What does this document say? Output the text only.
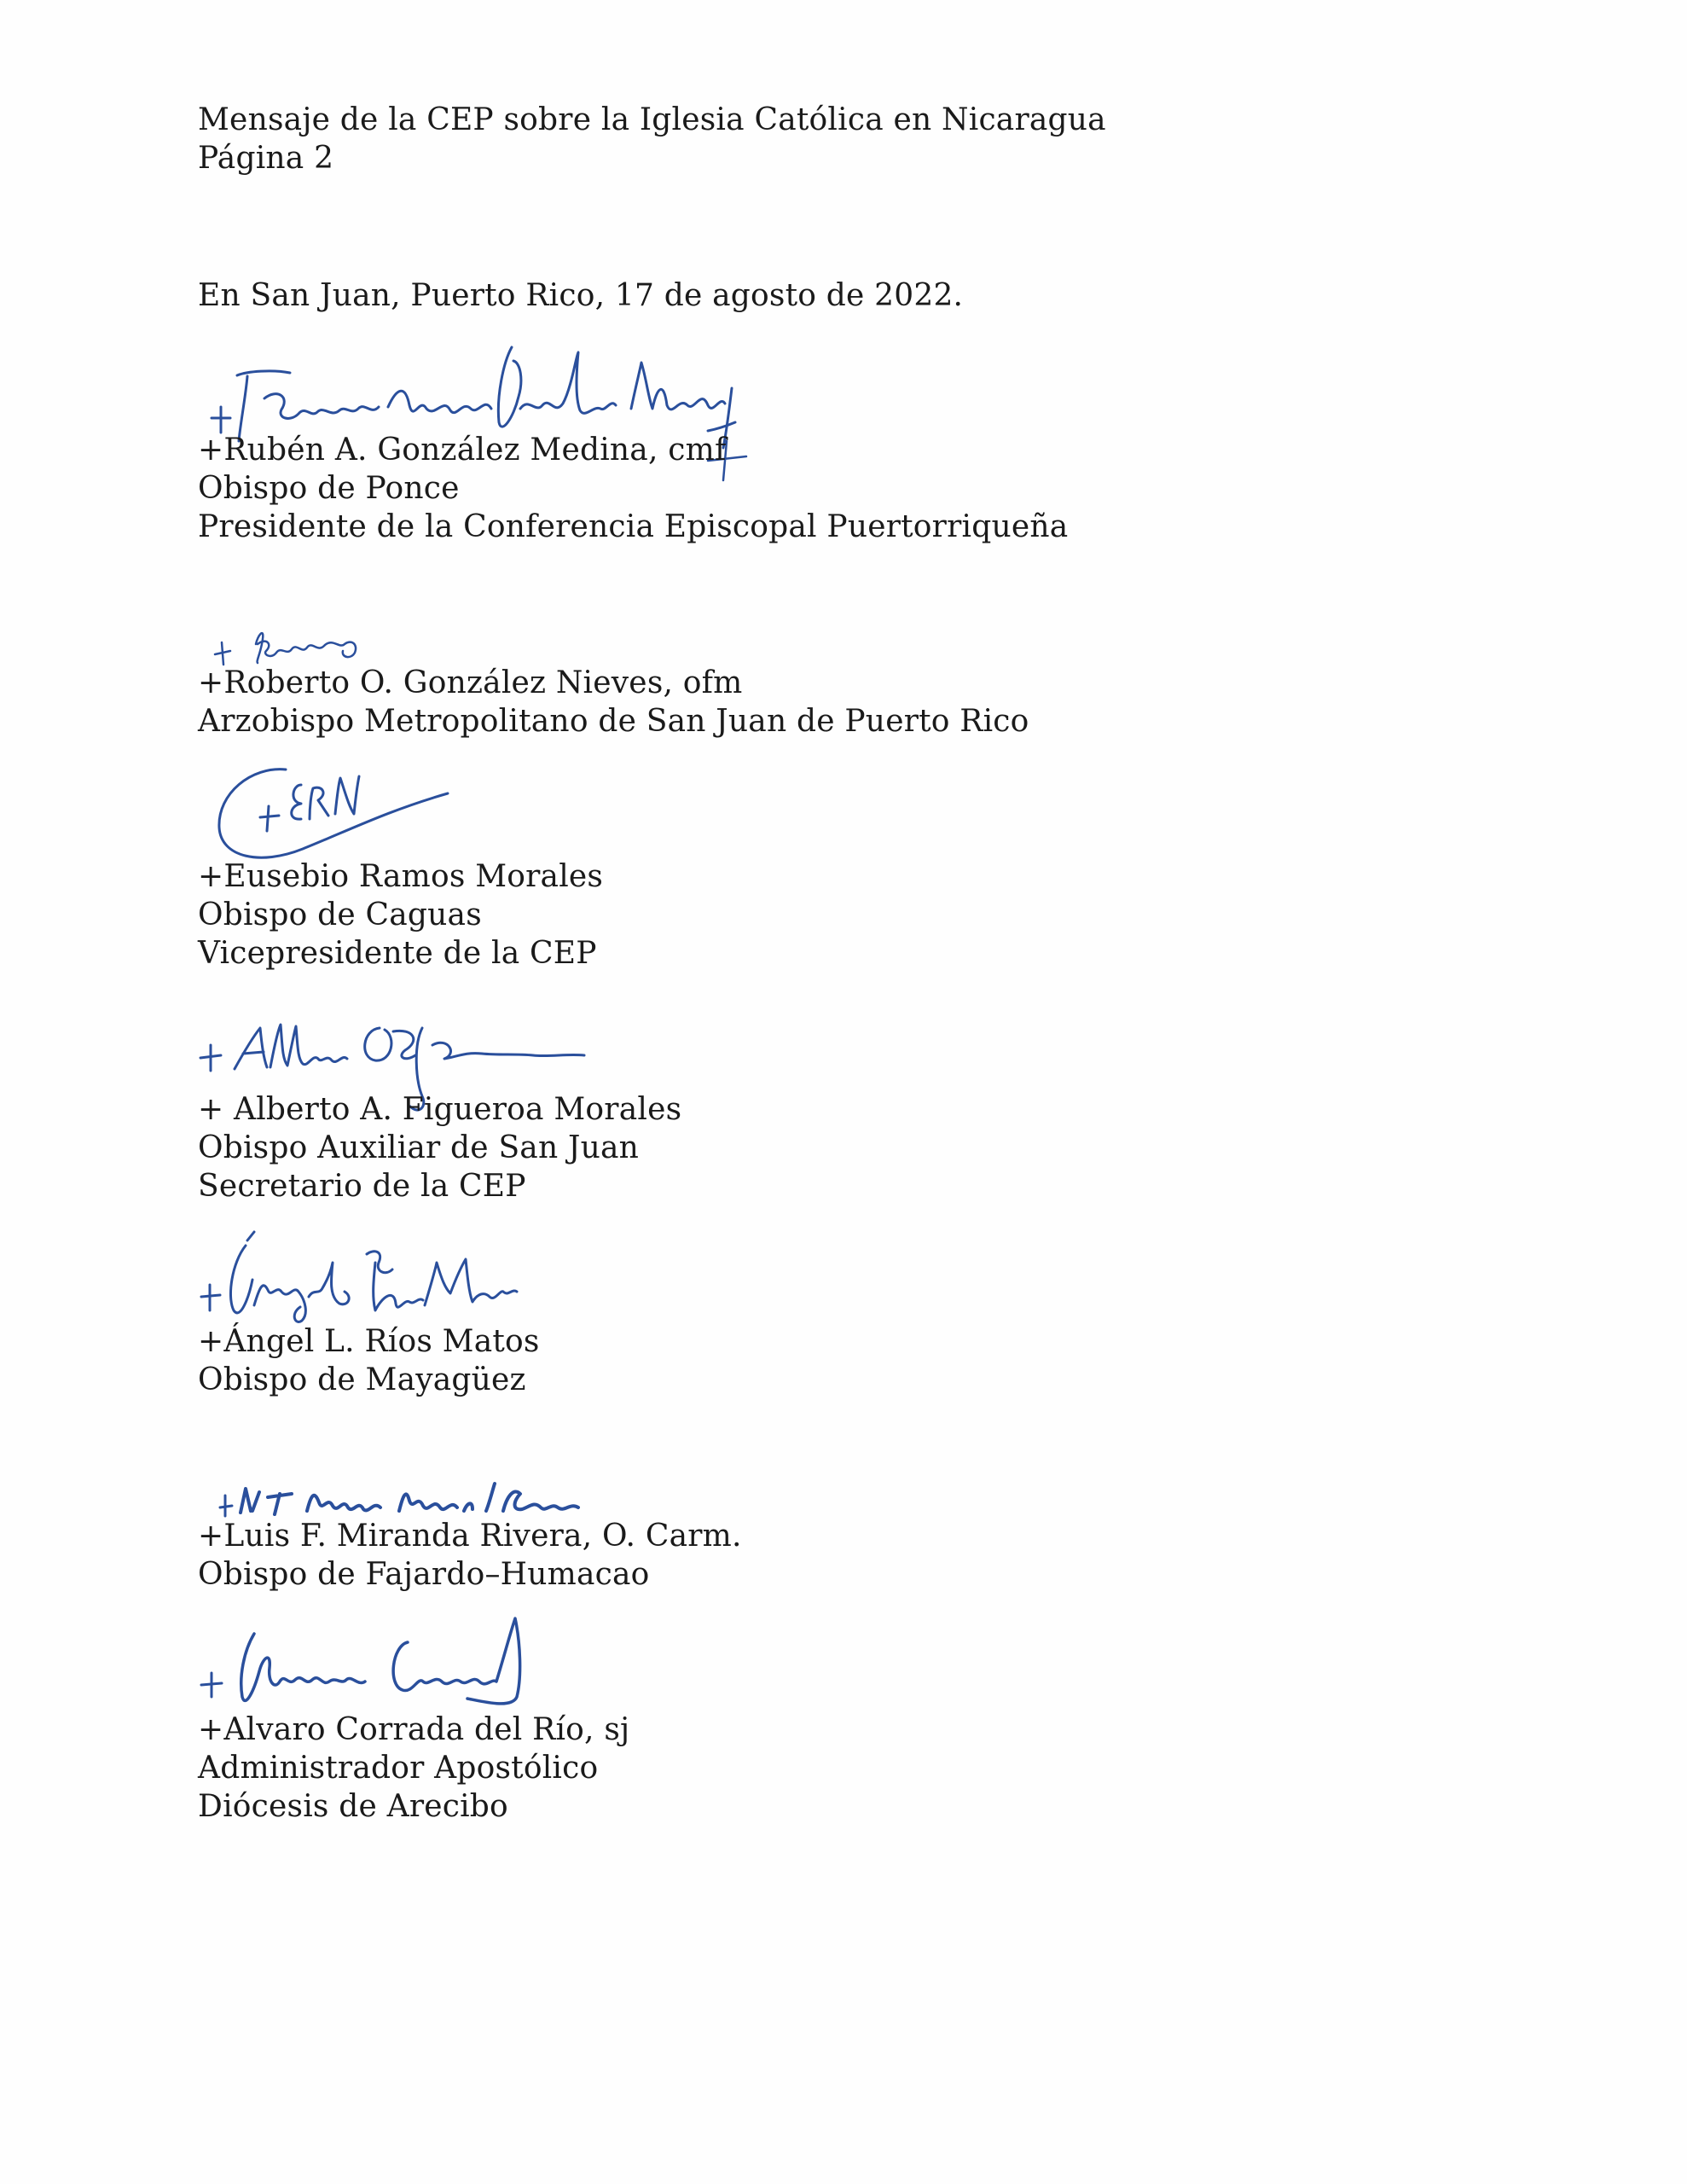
Mensaje de la CEP sobre la Iglesia Católica en Nicaragua
Página 2
En San Juan, Puerto Rico, 17 de agosto de 2022.
+Rubén A. González Medina, cmf
Obispo de Ponce
Presidente de la Conferencia Episcopal Puertorriqueña
+Roberto O. González Nieves, ofm
Arzobispo Metropolitano de San Juan de Puerto Rico
+Eusebio Ramos Morales
Obispo de Caguas
Vicepresidente de la CEP
+ Alberto A. Figueroa Morales
Obispo Auxiliar de San Juan
Secretario de la CEP
+Ángel L. Ríos Matos
Obispo de Mayagüez
+Luis F. Miranda Rivera, O. Carm.
Obispo de Fajardo–Humacao
+Alvaro Corrada del Río, sj
Administrador Apostólico
Diócesis de Arecibo
